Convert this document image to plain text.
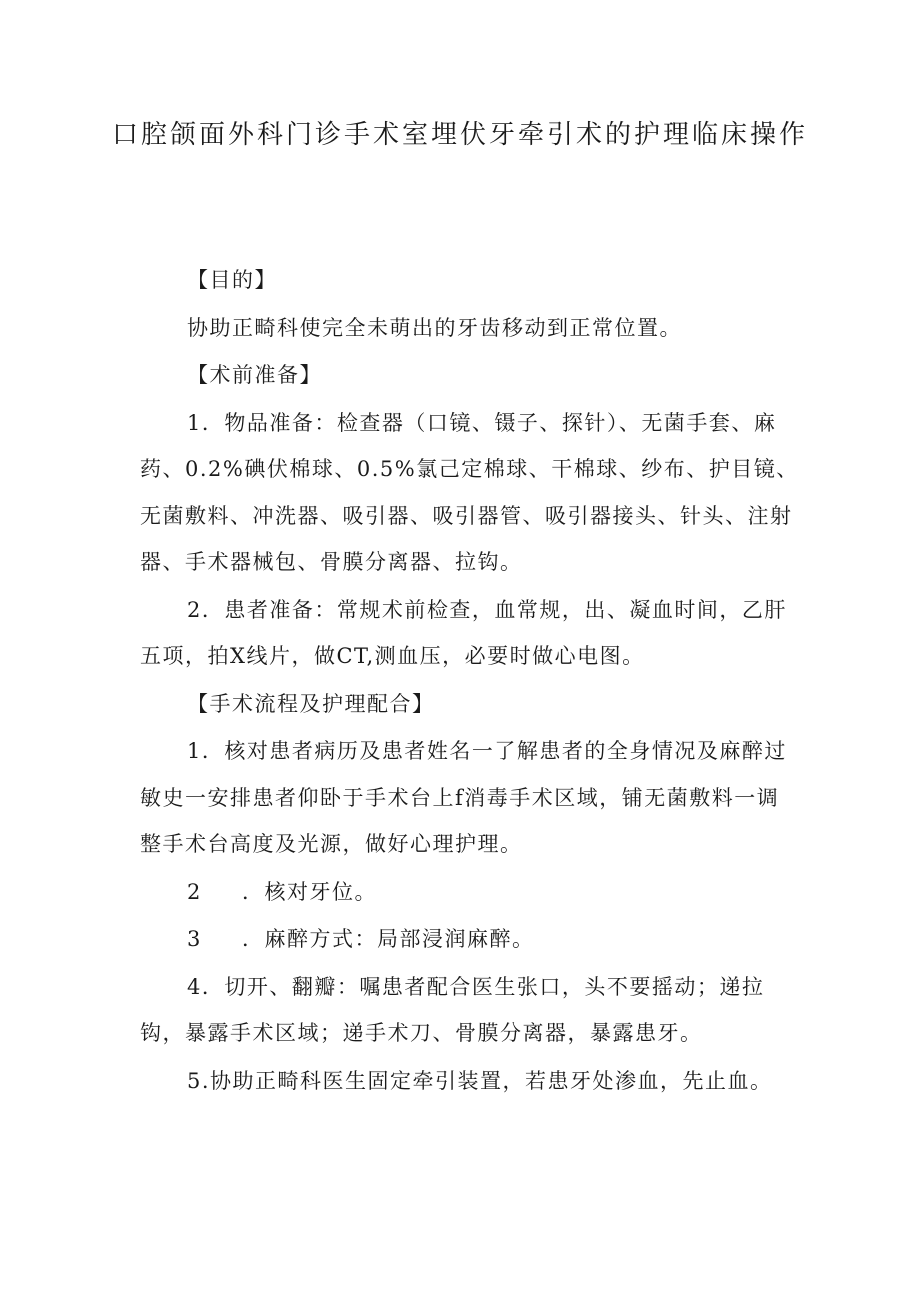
口腔颌面外科门诊手术室埋伏牙牵引术的护理临床操作

【目的】

协助正畸科使完全未萌出的牙齿移动到正常位置。

【术前准备】

1．物品准备：检查器（口镜、镊子、探针）、无菌手套、麻药、0.2%碘伏棉球、0.5%氯己定棉球、干棉球、纱布、护目镜、无菌敷料、冲洗器、吸引器、吸引器管、吸引器接头、针头、注射器、手术器械包、骨膜分离器、拉钩。

2．患者准备：常规术前检查，血常规，出、凝血时间，乙肝五项，拍X线片，做CT,测血压，必要时做心电图。

【手术流程及护理配合】

1．核对患者病历及患者姓名一了解患者的全身情况及麻醉过敏史一安排患者仰卧于手术台上f消毒手术区域，铺无菌敷料一调整手术台高度及光源，做好心理护理。

2 ．核对牙位。

3 ．麻醉方式：局部浸润麻醉。

4．切开、翻瓣：嘱患者配合医生张口，头不要摇动；递拉钩，暴露手术区域；递手术刀、骨膜分离器，暴露患牙。

5.协助正畸科医生固定牵引装置，若患牙处渗血，先止血。
